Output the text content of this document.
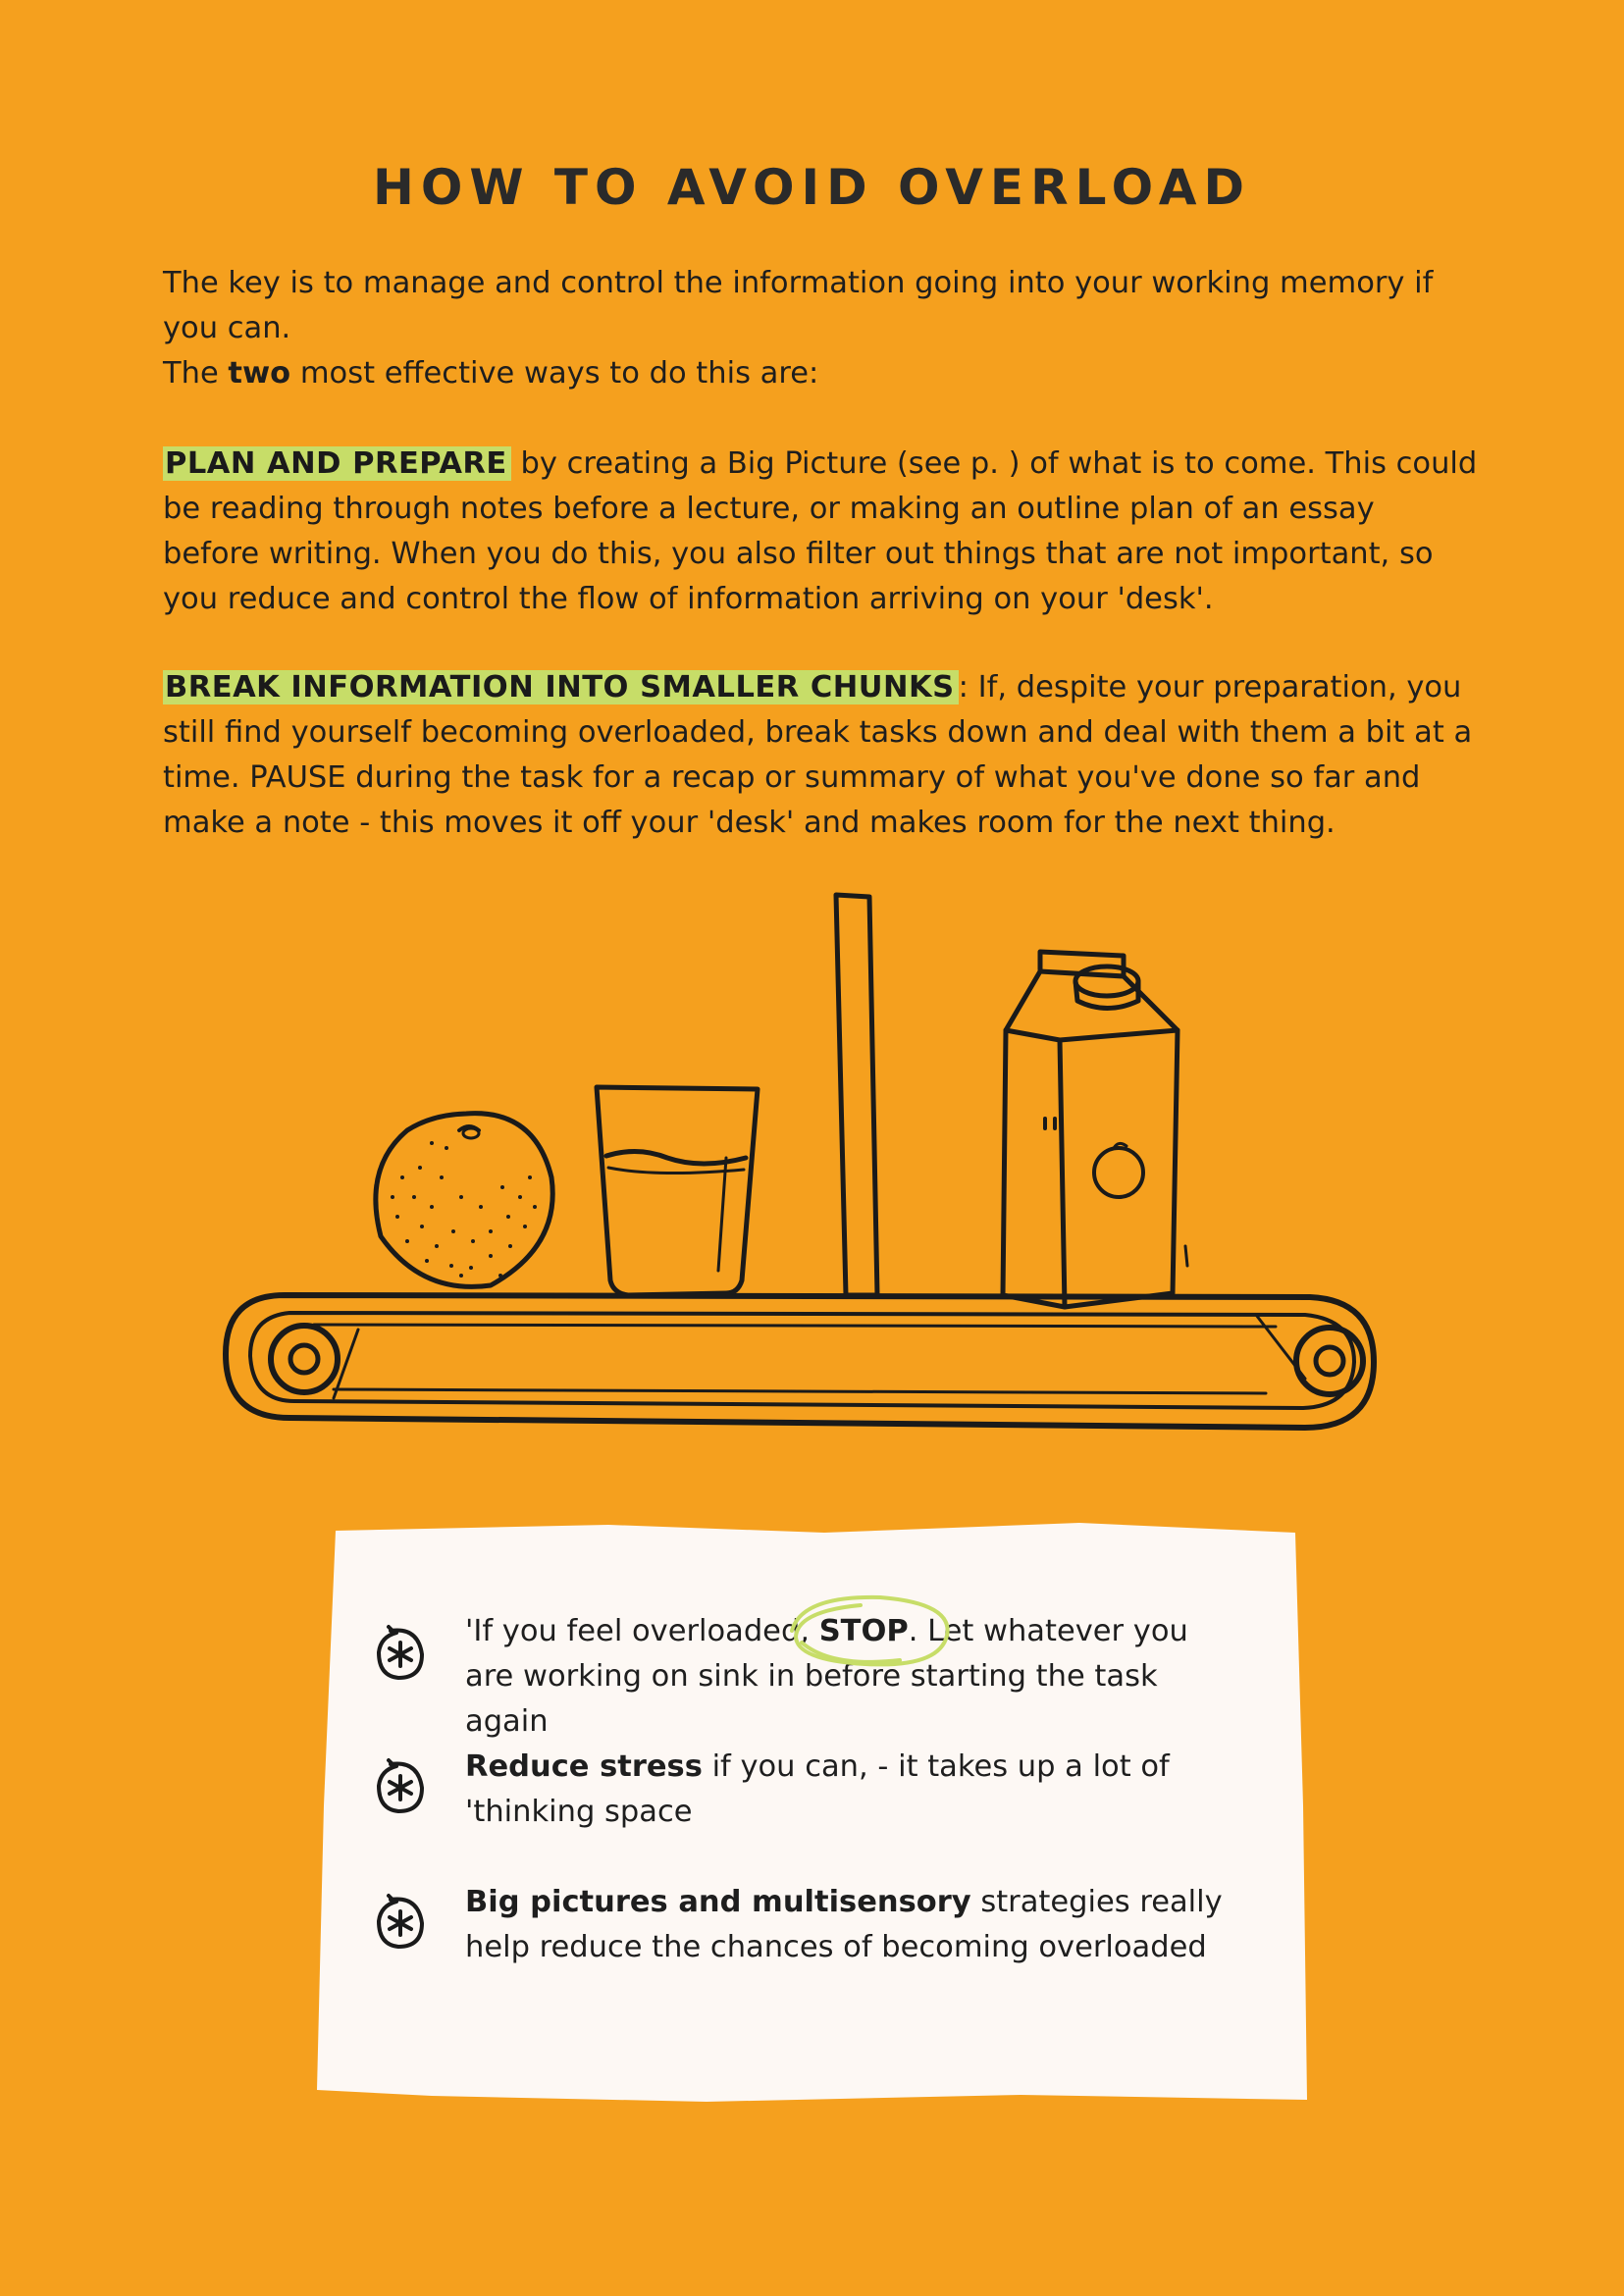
HOW TO AVOID OVERLOAD

The key is to manage and control the information going into your working memory if you can.

The two most effective ways to do this are:

PLAN AND PREPARE by creating a Big Picture (see p. ) of what is to come. This could be reading through notes before a lecture, or making an outline plan of an essay before writing. When you do this, you also filter out things that are not important, so you reduce and control the flow of information arriving on your 'desk'.

BREAK INFORMATION INTO SMALLER CHUNKS : If, despite your preparation, you still find yourself becoming overloaded, break tasks down and deal with them a bit at a time. PAUSE during the task for a recap or summary of what you've done so far and make a note - this moves it off your 'desk' and makes room for the next thing.

'If you feel overloaded,
STOP. Let whatever you are working on sink in before starting the task again

Reduce stress if you can, - it takes up a lot of 'thinking space

Big pictures and multisensory strategies really help reduce the chances of becoming overloaded
